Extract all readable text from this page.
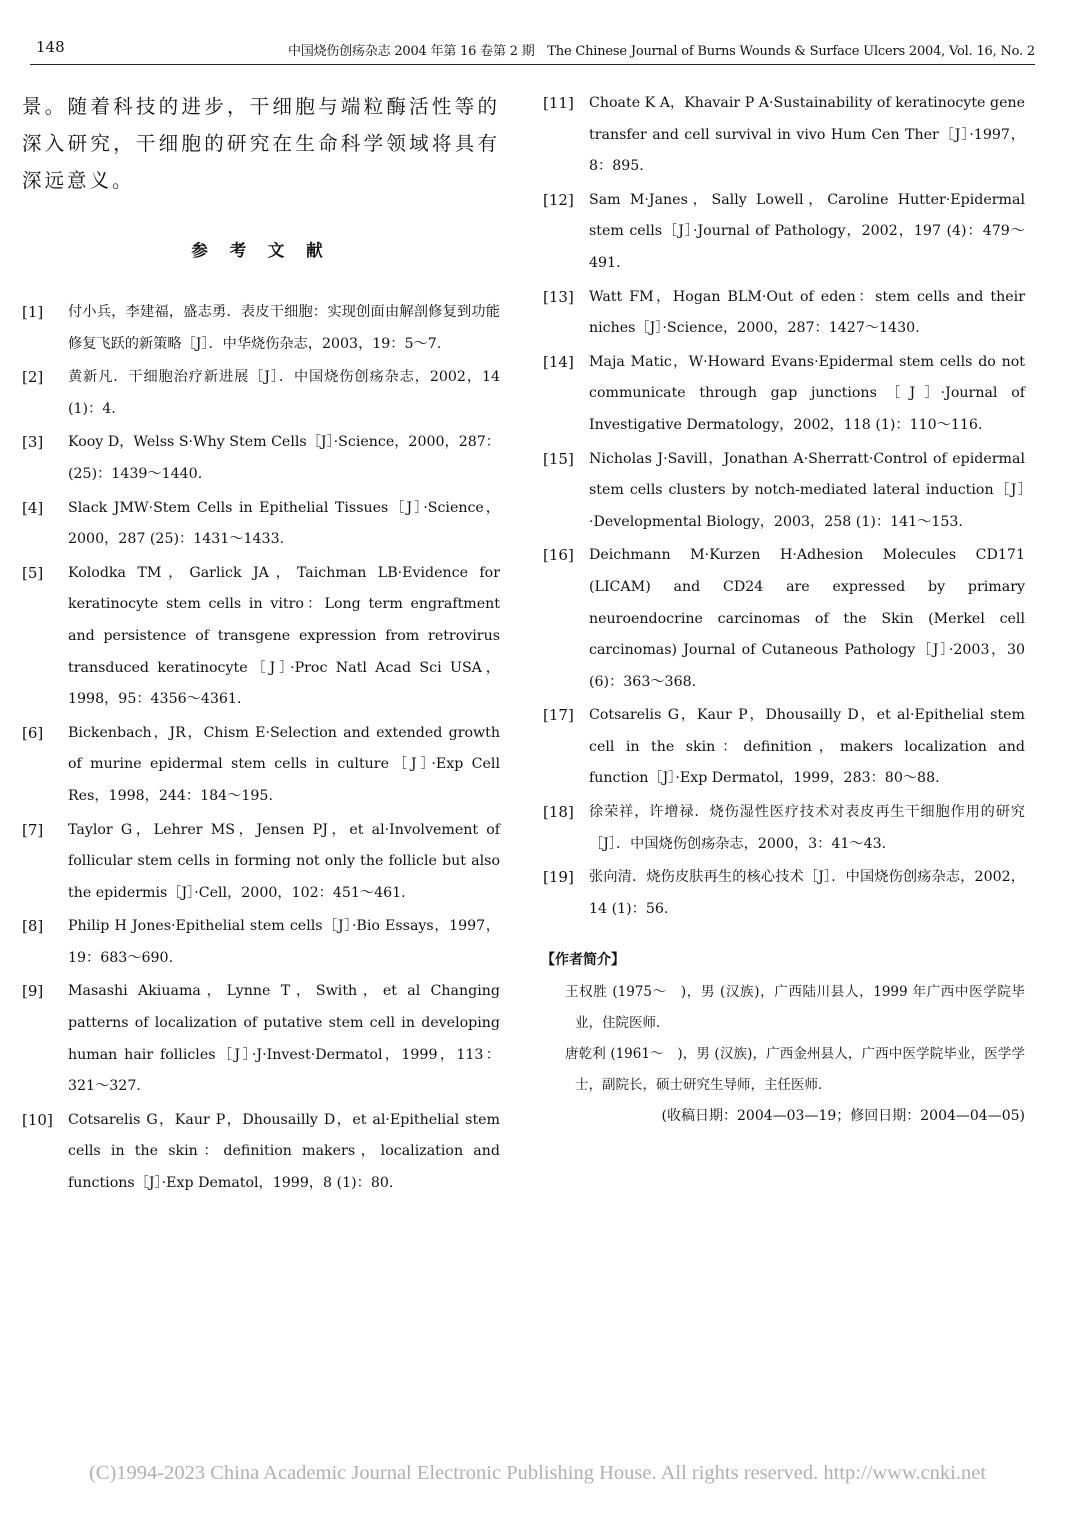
148	中国烧伤创疡杂志 2004 年第 16 卷第 2 期　The Chinese Journal of Burns Wounds & Surface Ulcers 2004, Vol. 16, No. 2

景。随着科技的进步，干细胞与端粒酶活性等的深入研究，干细胞的研究在生命科学领域将具有深远意义。

参 考 文 献
[1]	付小兵，李建福，盛志勇．表皮干细胞：实现创面由解剖修复到功能修复飞跃的新策略［J］．中华烧伤杂志，2003，19：5～7.
[2]	黄新凡．干细胞治疗新进展［J］．中国烧伤创疡杂志，2002，14 (1)：4.
[3]	Kooy D，Welss S·Why Stem Cells［J］·Science，2000，287：(25)：1439～1440.
[4]	Slack JMW·Stem Cells in Epithelial Tissues［J］·Science，2000，287 (25)：1431～1433.
[5]	Kolodka TM，Garlick JA，Taichman LB·Evidence for keratinocyte stem cells in vitro：Long term engraftment and persistence of transgene expression from retrovirus transduced keratinocyte［J］·Proc Natl Acad Sci USA，1998，95：4356～4361.
[6]	Bickenbach，JR，Chism E·Selection and extended growth of murine epidermal stem cells in culture［J］·Exp Cell Res，1998，244：184～195.
[7]	Taylor G，Lehrer MS，Jensen PJ，et al·Involvement of follicular stem cells in forming not only the follicle but also the epidermis［J］·Cell，2000，102：451～461.
[8]	Philip H Jones·Epithelial stem cells［J］·Bio Essays，1997，19：683～690.
[9]	Masashi Akiuama，Lynne T，Swith，et al Changing patterns of localization of putative stem cell in developing human hair follicles［J］·J·Invest·Dermatol，1999，113：321～327.
[10]	Cotsarelis G，Kaur P，Dhousailly D，et al·Epithelial stem cells in the skin：definition makers，localization and functions［J］·Exp Dematol，1999，8 (1)：80.
[11]	Choate K A，Khavair P A·Sustainability of keratinocyte gene transfer and cell survival in vivo Hum Cen Ther［J］·1997，8：895.
[12]	Sam M·Janes，Sally Lowell，Caroline Hutter·Epidermal stem cells［J］·Journal of Pathology，2002，197 (4)：479～491.
[13]	Watt FM，Hogan BLM·Out of eden：stem cells and their niches［J］·Science，2000，287：1427～1430.
[14]	Maja Matic，W·Howard Evans·Epidermal stem cells do not communicate through gap junctions［J］·Journal of Investigative Dermatology，2002，118 (1)：110～116.
[15]	Nicholas J·Savill，Jonathan A·Sherratt·Control of epidermal stem cells clusters by notch-mediated lateral induction［J］·Developmental Biology，2003，258 (1)：141～153.
[16]	Deichmann M·Kurzen H·Adhesion Molecules CD171 (LICAM) and CD24 are expressed by primary neuroendocrine carcinomas of the Skin (Merkel cell carcinomas) Journal of Cutaneous Pathology［J］·2003，30 (6)：363～368.
[17]	Cotsarelis G，Kaur P，Dhousailly D，et al·Epithelial stem cell in the skin：definition，makers localization and function［J］·Exp Dermatol，1999，283：80～88.
[18]	徐荣祥，许增禄．烧伤湿性医疗技术对表皮再生干细胞作用的研究［J］．中国烧伤创疡杂志，2000，3：41～43.
[19]	张向清．烧伤皮肤再生的核心技术［J］．中国烧伤创疡杂志，2002，14 (1)：56.
【作者简介】

王权胜 (1975～　)，男 (汉族)，广西陆川县人，1999 年广西中医学院毕业，住院医师．

唐乾利 (1961～　)，男 (汉族)，广西金州县人，广西中医学院毕业，医学学士，副院长，硕士研究生导师，主任医师．

(收稿日期：2004—03—19；修回日期：2004—04—05)

(C)1994-2023 China Academic Journal Electronic Publishing House. All rights reserved. http://www.cnki.net
